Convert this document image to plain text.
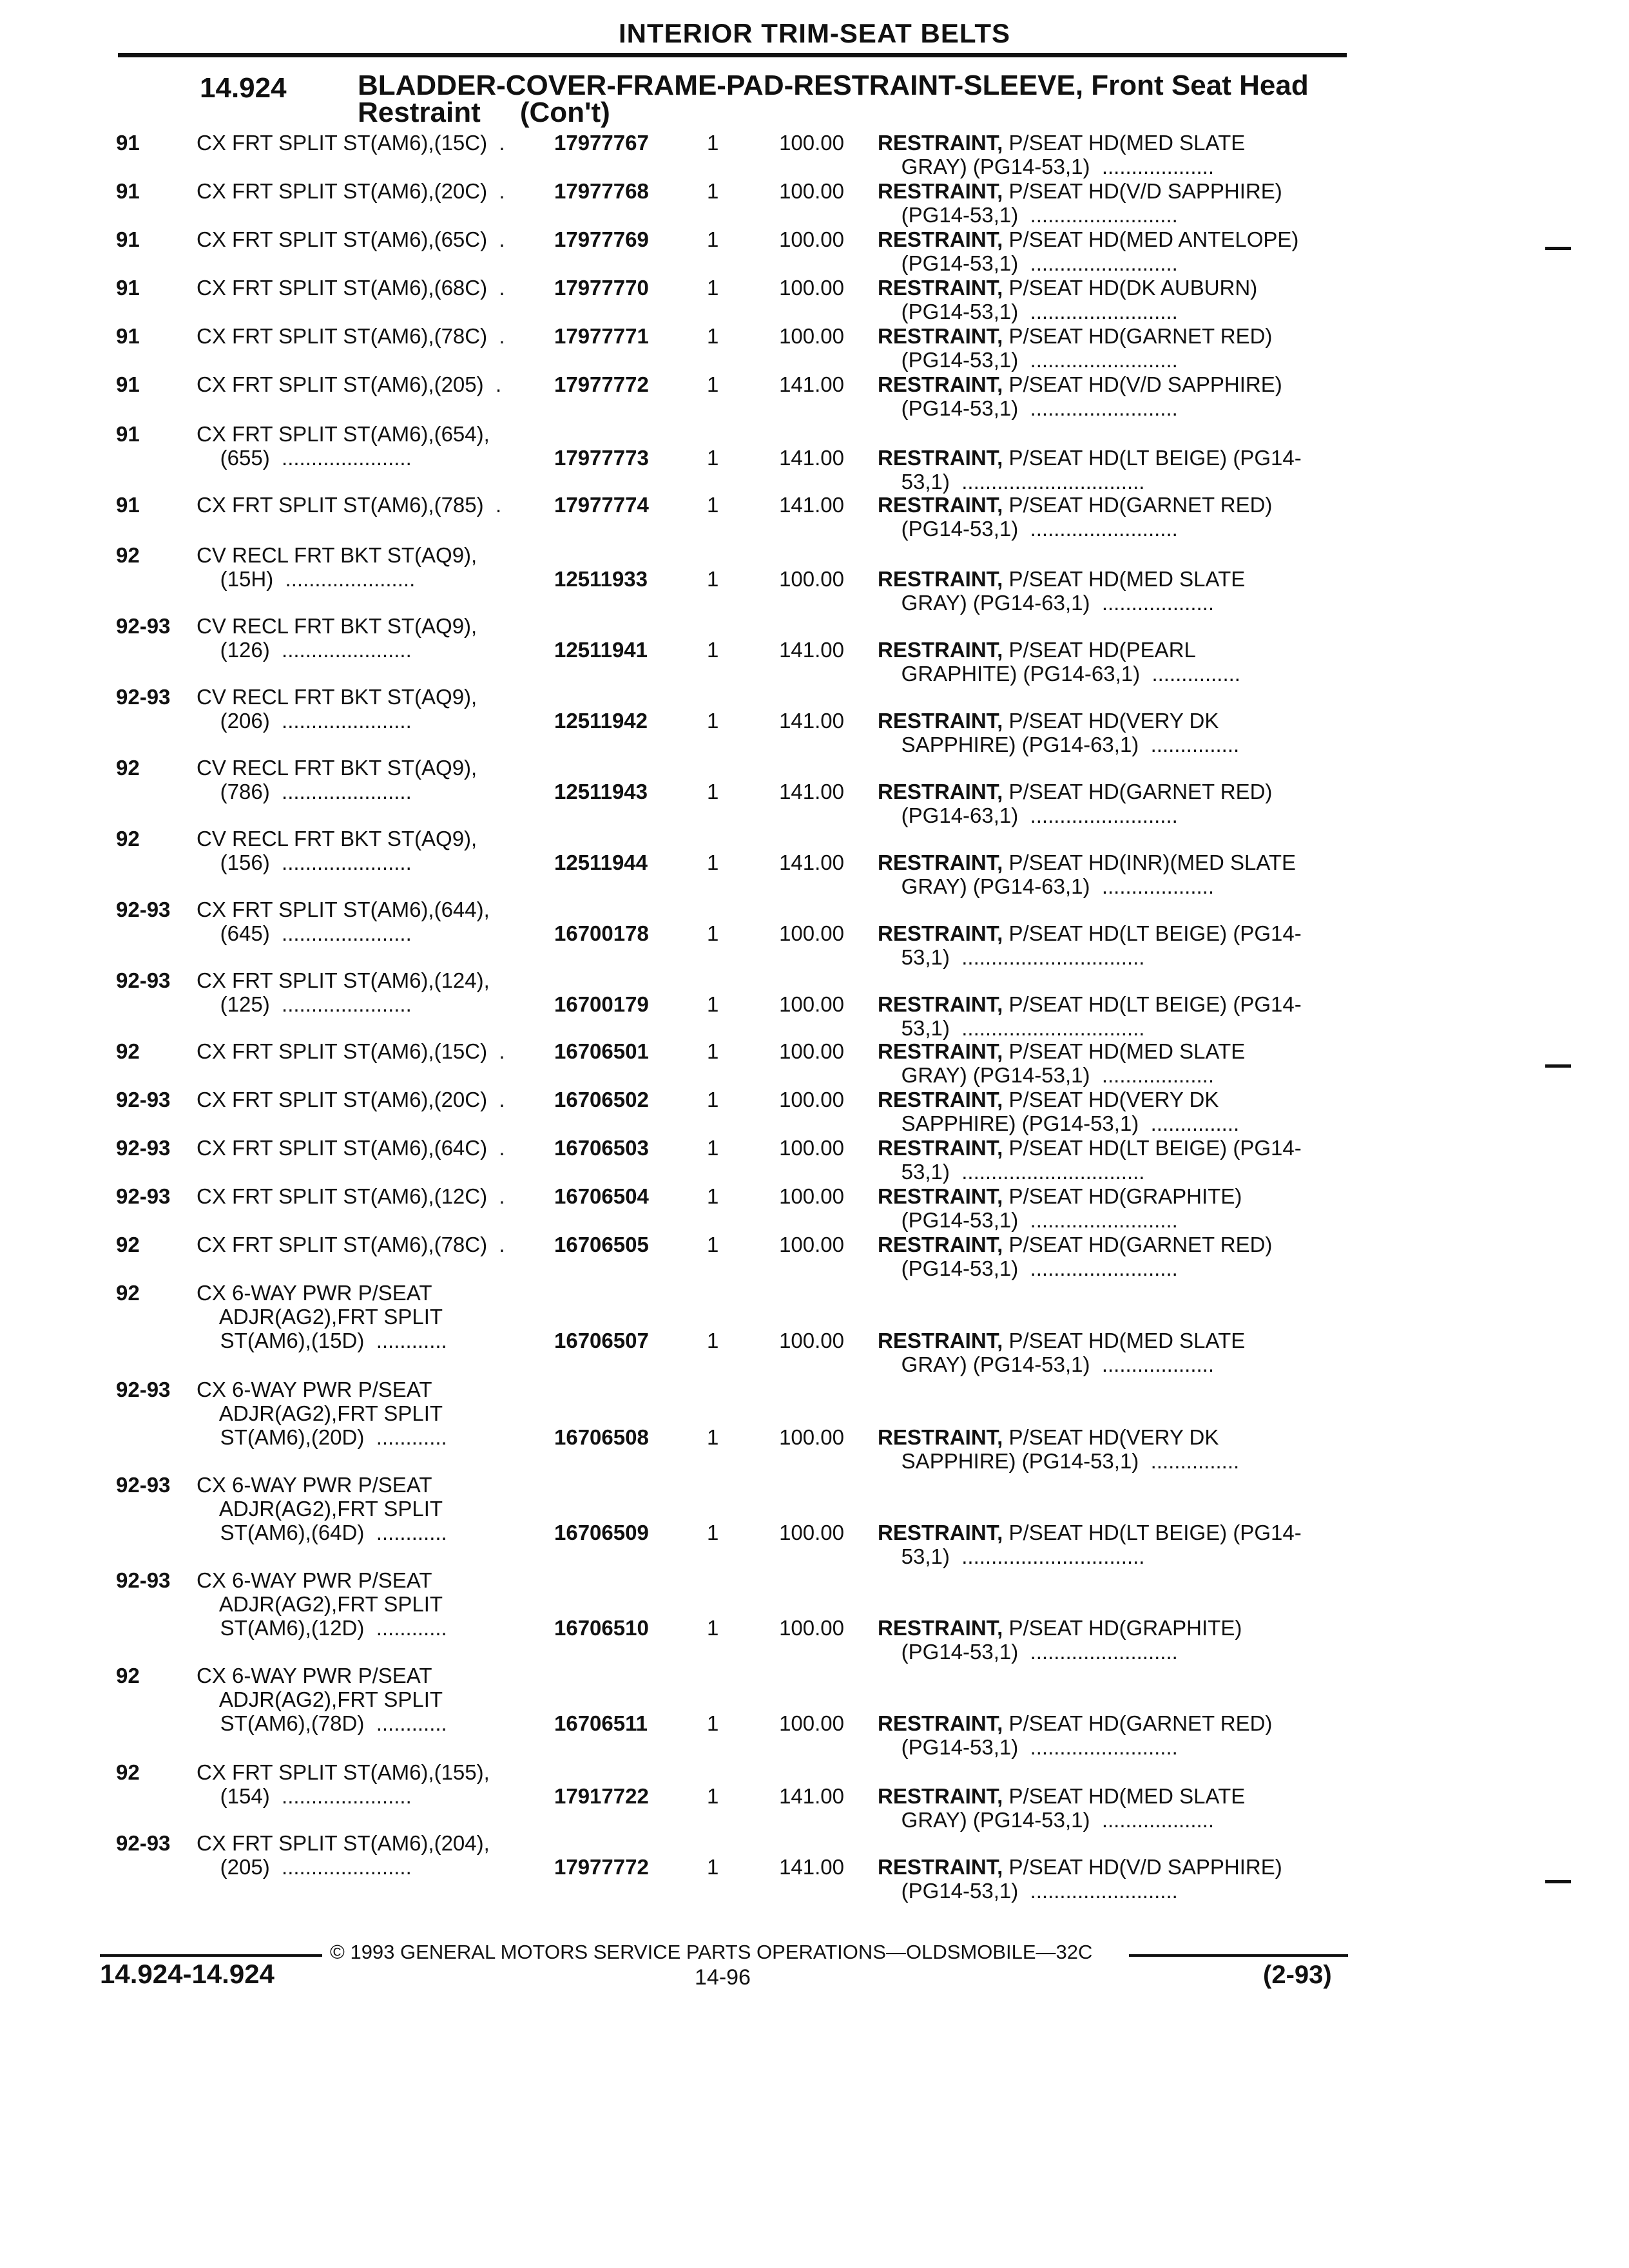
INTERIOR TRIM-SEAT BELTS
14.924	BLADDER-COVER-FRAME-PAD-RESTRAINT-SLEEVE, Front Seat Head
Restraint     (Con't)
91	CX FRT SPLIT ST(AM6),(15C)  .	17977767	1	100.00 RESTRAINT, P/SEAT HD(MED SLATE
GRAY) (PG14-53,1)  ...................
91	CX FRT SPLIT ST(AM6),(20C)  .	17977768	1	100.00 RESTRAINT, P/SEAT HD(V/D SAPPHIRE)
(PG14-53,1)  .........................
91	CX FRT SPLIT ST(AM6),(65C)  .	17977769	1	100.00 RESTRAINT, P/SEAT HD(MED ANTELOPE)
(PG14-53,1)  .........................
91	CX FRT SPLIT ST(AM6),(68C)  .	17977770	1	100.00 RESTRAINT, P/SEAT HD(DK AUBURN)
(PG14-53,1)  .........................
91	CX FRT SPLIT ST(AM6),(78C)  .	17977771	1	100.00 RESTRAINT, P/SEAT HD(GARNET RED)
(PG14-53,1)  .........................
91	CX FRT SPLIT ST(AM6),(205)  .	17977772	1	141.00 RESTRAINT, P/SEAT HD(V/D SAPPHIRE)
(PG14-53,1)  .........................
91	CX FRT SPLIT ST(AM6),(654),
(655)  ......................	17977773	1	141.00 RESTRAINT, P/SEAT HD(LT BEIGE) (PG14-
53,1)  ...............................
91	CX FRT SPLIT ST(AM6),(785)  .	17977774	1	141.00 RESTRAINT, P/SEAT HD(GARNET RED)
(PG14-53,1)  .........................
92	CV RECL FRT BKT ST(AQ9),
(15H)  ......................	12511933	1	100.00 RESTRAINT, P/SEAT HD(MED SLATE
GRAY) (PG14-63,1)  ...................
92-93 CV RECL FRT BKT ST(AQ9),
(126)  ......................	12511941	1	141.00 RESTRAINT, P/SEAT HD(PEARL
GRAPHITE) (PG14-63,1)  ...............
92-93 CV RECL FRT BKT ST(AQ9),
(206)  ......................	12511942	1	141.00 RESTRAINT, P/SEAT HD(VERY DK
SAPPHIRE) (PG14-63,1)  ...............
92	CV RECL FRT BKT ST(AQ9),
(786)  ......................	12511943	1	141.00 RESTRAINT, P/SEAT HD(GARNET RED)
(PG14-63,1)  .........................
92	CV RECL FRT BKT ST(AQ9),
(156)  ......................	12511944	1	141.00 RESTRAINT, P/SEAT HD(INR)(MED SLATE
GRAY) (PG14-63,1)  ...................
92-93 CX FRT SPLIT ST(AM6),(644),
(645)  ......................	16700178	1	100.00 RESTRAINT, P/SEAT HD(LT BEIGE) (PG14-
53,1)  ...............................
92-93 CX FRT SPLIT ST(AM6),(124),
(125)  ......................	16700179	1	100.00 RESTRAINT, P/SEAT HD(LT BEIGE) (PG14-
53,1)  ...............................
92	CX FRT SPLIT ST(AM6),(15C)  .	16706501	1	100.00 RESTRAINT, P/SEAT HD(MED SLATE
GRAY) (PG14-53,1)  ...................
92-93 CX FRT SPLIT ST(AM6),(20C)  .	16706502	1	100.00 RESTRAINT, P/SEAT HD(VERY DK
SAPPHIRE) (PG14-53,1)  ...............
92-93 CX FRT SPLIT ST(AM6),(64C)  .	16706503	1	100.00 RESTRAINT, P/SEAT HD(LT BEIGE) (PG14-
53,1)  ...............................
92-93 CX FRT SPLIT ST(AM6),(12C)  .	16706504	1	100.00 RESTRAINT, P/SEAT HD(GRAPHITE)
(PG14-53,1)  .........................
92	CX FRT SPLIT ST(AM6),(78C)  .	16706505	1	100.00 RESTRAINT, P/SEAT HD(GARNET RED)
(PG14-53,1)  .........................
92	CX 6-WAY PWR P/SEAT
ADJR(AG2),FRT SPLIT
ST(AM6),(15D)  ............	16706507	1	100.00 RESTRAINT, P/SEAT HD(MED SLATE
GRAY) (PG14-53,1)  ...................
92-93 CX 6-WAY PWR P/SEAT
ADJR(AG2),FRT SPLIT
ST(AM6),(20D)  ............	16706508	1	100.00 RESTRAINT, P/SEAT HD(VERY DK
SAPPHIRE) (PG14-53,1)  ...............
92-93 CX 6-WAY PWR P/SEAT
ADJR(AG2),FRT SPLIT
ST(AM6),(64D)  ............	16706509	1	100.00 RESTRAINT, P/SEAT HD(LT BEIGE) (PG14-
53,1)  ...............................
92-93 CX 6-WAY PWR P/SEAT
ADJR(AG2),FRT SPLIT
ST(AM6),(12D)  ............	16706510	1	100.00 RESTRAINT, P/SEAT HD(GRAPHITE)
(PG14-53,1)  .........................
92	CX 6-WAY PWR P/SEAT
ADJR(AG2),FRT SPLIT
ST(AM6),(78D)  ............	16706511	1	100.00 RESTRAINT, P/SEAT HD(GARNET RED)
(PG14-53,1)  .........................
92	CX FRT SPLIT ST(AM6),(155),
(154)  ......................	17917722	1	141.00 RESTRAINT, P/SEAT HD(MED SLATE
GRAY) (PG14-53,1)  ...................
92-93 CX FRT SPLIT ST(AM6),(204),
(205)  ......................	17977772	1	141.00 RESTRAINT, P/SEAT HD(V/D SAPPHIRE)
(PG14-53,1)  .........................
© 1993 GENERAL MOTORS SERVICE PARTS OPERATIONS—OLDSMOBILE—32C
14.924-14.924	14-96	(2-93)
